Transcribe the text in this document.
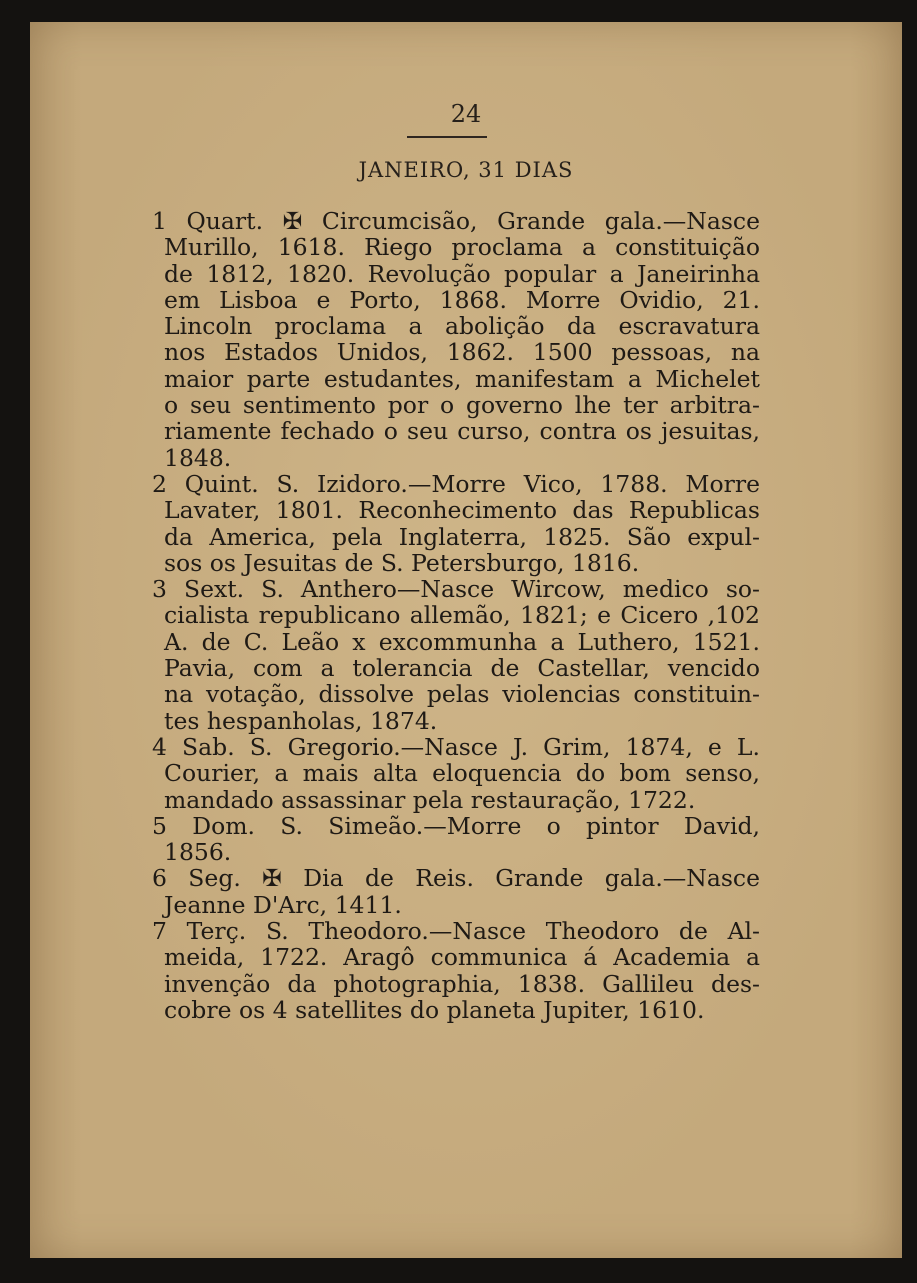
24
JANEIRO, 31 DIAS

1 Quart. ✠ Circumcisão, Grande gala.—Nasce
Murillo, 1618. Riego proclama a constituição
de 1812, 1820. Revolução popular a Janeirinha
em Lisboa e Porto, 1868. Morre Ovidio, 21.
Lincoln proclama a abolição da escravatura
nos Estados Unidos, 1862. 1500 pessoas, na
maior parte estudantes, manifestam a Michelet
o seu sentimento por o governo lhe ter arbitra-
riamente fechado o seu curso, contra os jesuitas,
1848.

2 Quint. S. Izidoro.—Morre Vico, 1788. Morre
Lavater, 1801. Reconhecimento das Republicas
da America, pela Inglaterra, 1825. São expul-
sos os Jesuitas de S. Petersburgo, 1816.

3 Sext. S. Anthero—Nasce Wircow, medico so-
cialista republicano allemão, 1821; e Cicero ,102
A. de C. Leão x excommunha a Luthero, 1521.
Pavia, com a tolerancia de Castellar, vencido
na votação, dissolve pelas violencias constituin-
tes hespanholas, 1874.

4 Sab. S. Gregorio.—Nasce J. Grim, 1874, e L.
Courier, a mais alta eloquencia do bom senso,
mandado assassinar pela restauração, 1722.

5 Dom. S. Simeão.—Morre o pintor David,
1856.

6 Seg. ✠ Dia de Reis. Grande gala.—Nasce
Jeanne D'Arc, 1411.

7 Terç. S. Theodoro.—Nasce Theodoro de Al-
meida, 1722. Aragô communica á Academia a
invenção da photographia, 1838. Gallileu des-
cobre os 4 satellites do planeta Jupiter, 1610.
